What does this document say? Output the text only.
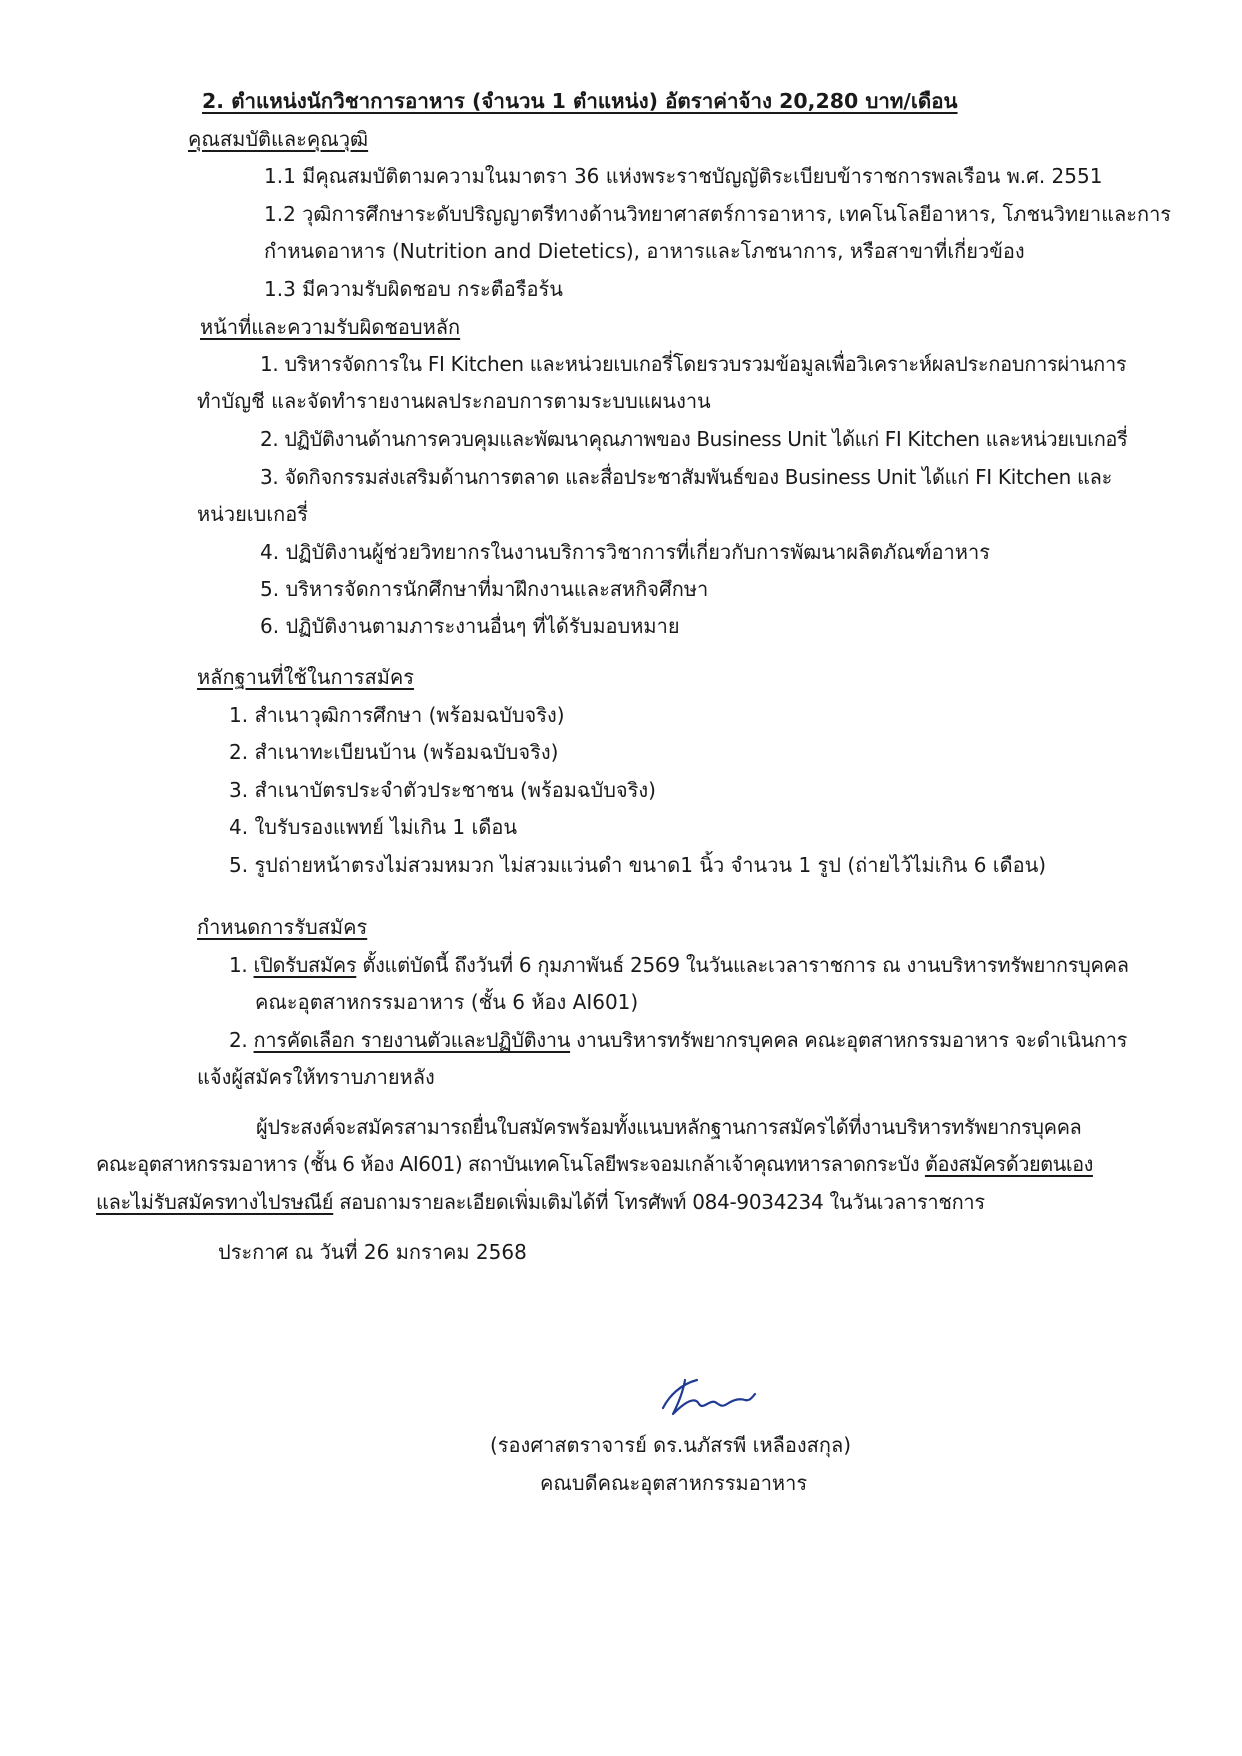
2. ตำแหน่งนักวิชาการอาหาร (จำนวน 1 ตำแหน่ง) อัตราค่าจ้าง 20,280 บาท/เดือน

คุณสมบัติและคุณวุฒิ

1.1 มีคุณสมบัติตามความในมาตรา 36 แห่งพระราชบัญญัติระเบียบข้าราชการพลเรือน พ.ศ. 2551

1.2 วุฒิการศึกษาระดับปริญญาตรีทางด้านวิทยาศาสตร์การอาหาร, เทคโนโลยีอาหาร, โภชนวิทยาและการ

กำหนดอาหาร (Nutrition and Dietetics), อาหารและโภชนาการ, หรือสาขาที่เกี่ยวข้อง

1.3 มีความรับผิดชอบ กระตือรือร้น

หน้าที่และความรับผิดชอบหลัก

1. บริหารจัดการใน FI Kitchen และหน่วยเบเกอรี่โดยรวบรวมข้อมูลเพื่อวิเคราะห์ผลประกอบการผ่านการ

ทำบัญชี และจัดทำรายงานผลประกอบการตามระบบแผนงาน

2. ปฏิบัติงานด้านการควบคุมและพัฒนาคุณภาพของ Business Unit ได้แก่ FI Kitchen และหน่วยเบเกอรี่

3. จัดกิจกรรมส่งเสริมด้านการตลาด และสื่อประชาสัมพันธ์ของ Business Unit ได้แก่ FI Kitchen และ

หน่วยเบเกอรี่

4. ปฏิบัติงานผู้ช่วยวิทยากรในงานบริการวิชาการที่เกี่ยวกับการพัฒนาผลิตภัณฑ์อาหาร

5. บริหารจัดการนักศึกษาที่มาฝึกงานและสหกิจศึกษา

6. ปฏิบัติงานตามภาระงานอื่นๆ ที่ได้รับมอบหมาย

หลักฐานที่ใช้ในการสมัคร

1. สำเนาวุฒิการศึกษา (พร้อมฉบับจริง)

2. สำเนาทะเบียนบ้าน (พร้อมฉบับจริง)

3. สำเนาบัตรประจำตัวประชาชน (พร้อมฉบับจริง)

4. ใบรับรองแพทย์ ไม่เกิน 1 เดือน

5. รูปถ่ายหน้าตรงไม่สวมหมวก ไม่สวมแว่นดำ ขนาด1 นิ้ว จำนวน 1 รูป (ถ่ายไว้ไม่เกิน 6 เดือน)

กำหนดการรับสมัคร

1. เปิดรับสมัคร ตั้งแต่บัดนี้ ถึงวันที่ 6 กุมภาพันธ์ 2569 ในวันและเวลาราชการ ณ งานบริหารทรัพยากรบุคคล

คณะอุตสาหกรรมอาหาร (ชั้น 6 ห้อง AI601)

2. การคัดเลือก รายงานตัวและปฏิบัติงาน งานบริหารทรัพยากรบุคคล คณะอุตสาหกรรมอาหาร จะดำเนินการ

แจ้งผู้สมัครให้ทราบภายหลัง

ผู้ประสงค์จะสมัครสามารถยื่นใบสมัครพร้อมทั้งแนบหลักฐานการสมัครได้ที่งานบริหารทรัพยากรบุคคล

คณะอุตสาหกรรมอาหาร (ชั้น 6 ห้อง AI601) สถาบันเทคโนโลยีพระจอมเกล้าเจ้าคุณทหารลาดกระบัง ต้องสมัครด้วยตนเอง

และไม่รับสมัครทางไปรษณีย์ สอบถามรายละเอียดเพิ่มเติมได้ที่ โทรศัพท์ 084-9034234 ในวันเวลาราชการ

ประกาศ ณ วันที่ 26 มกราคม 2568

(รองศาสตราจารย์ ดร.นภัสรพี เหลืองสกุล)

คณบดีคณะอุตสาหกรรมอาหาร
